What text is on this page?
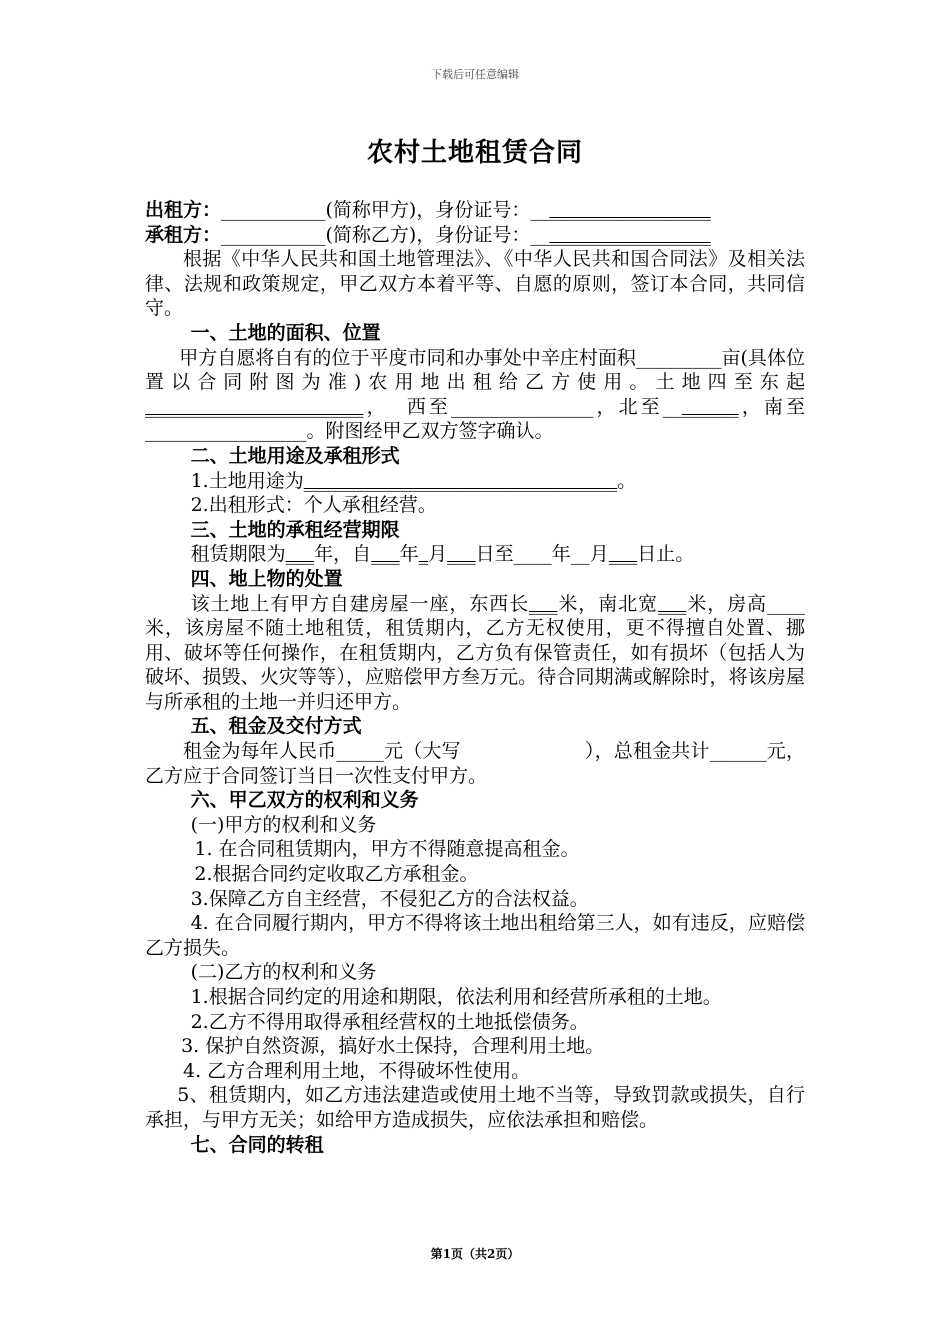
下载后可任意编辑
农村土地租赁合同

出租方：___________(简称甲方)，身份证号：___________________

承租方：___________(简称乙方)，身份证号：___________________

根据《中华人民共和国土地管理法》、《中华人民共和国合同法》及相关法律、法规和政策规定，甲乙双方本着平等、自愿的原则，签订本合同，共同信守。

一、土地的面积、位置

甲方自愿将自有的位于平度市同和办事处中辛庄村面积_________亩(具体位置以合同附图为准)农用地出租给乙方使用。土地四至东起_______________________，  西至_______________，北至________，南至_________________。附图经甲乙双方签字确认。

二、土地用途及承租形式

1.土地用途为_________________________________。

2.出租形式：个人承租经营。

三、土地的承租经营期限

租赁期限为___年，自___年_月___日至____年__月___日止。

四、地上物的处置

该土地上有甲方自建房屋一座，东西长___米，南北宽___米，房高____米，该房屋不随土地租赁，租赁期内，乙方无权使用，更不得擅自处置、挪用、破坏等任何操作，在租赁期内，乙方负有保管责任，如有损坏（包括人为破坏、损毁、火灾等等），应赔偿甲方叁万元。待合同期满或解除时，将该房屋与所承租的土地一并归还甲方。

五、租金及交付方式

租金为每年人民币_____元（大写                    ），总租金共计______元，乙方应于合同签订当日一次性支付甲方。

六、甲乙双方的权利和义务

(一)甲方的权利和义务

1. 在合同租赁期内，甲方不得随意提高租金。

2.根据合同约定收取乙方承租金。

3.保障乙方自主经营，不侵犯乙方的合法权益。

4. 在合同履行期内，甲方不得将该土地出租给第三人，如有违反，应赔偿乙方损失。

(二)乙方的权利和义务

1.根据合同约定的用途和期限，依法利用和经营所承租的土地。

2.乙方不得用取得承租经营权的土地抵偿债务。

3. 保护自然资源，搞好水土保持，合理利用土地。

4. 乙方合理利用土地，不得破坏性使用。

5、租赁期内，如乙方违法建造或使用土地不当等，导致罚款或损失，自行承担，与甲方无关；如给甲方造成损失，应依法承担和赔偿。

七、合同的转租

第1页（共2页）
